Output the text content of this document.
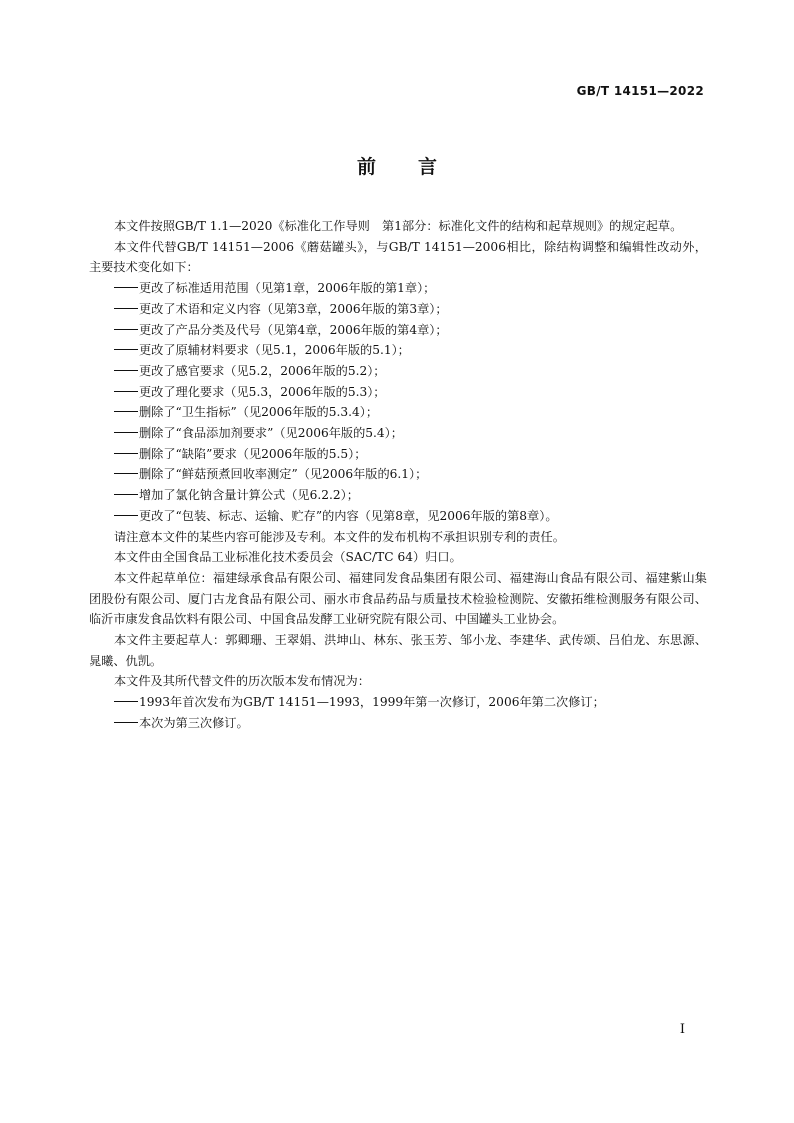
GB/T 14151—2022
前言

本文件按照GB/T 1.1—2020《标准化工作导则　第1部分：标准化文件的结构和起草规则》的规定起草。

本文件代替GB/T 14151—2006《蘑菇罐头》，与GB/T 14151—2006相比，除结构调整和编辑性改动外，主要技术变化如下：

更改了标准适用范围（见第1章，2006年版的第1章）；

更改了术语和定义内容（见第3章，2006年版的第3章）；

更改了产品分类及代号（见第4章，2006年版的第4章）；

更改了原辅材料要求（见5.1，2006年版的5.1）；

更改了感官要求（见5.2，2006年版的5.2）；

更改了理化要求（见5.3，2006年版的5.3）；

删除了“卫生指标”（见2006年版的5.3.4）；

删除了“食品添加剂要求”（见2006年版的5.4）；

删除了“缺陷”要求（见2006年版的5.5）；

删除了“鲜菇预煮回收率测定”（见2006年版的6.1）；

增加了氯化钠含量计算公式（见6.2.2）；

更改了“包装、标志、运输、贮存”的内容（见第8章，见2006年版的第8章）。

请注意本文件的某些内容可能涉及专利。本文件的发布机构不承担识别专利的责任。

本文件由全国食品工业标准化技术委员会（SAC/TC 64）归口。

本文件起草单位：福建绿承食品有限公司、福建同发食品集团有限公司、福建海山食品有限公司、福建紫山集团股份有限公司、厦门古龙食品有限公司、丽水市食品药品与质量技术检验检测院、安徽拓维检测服务有限公司、临沂市康发食品饮料有限公司、中国食品发酵工业研究院有限公司、中国罐头工业协会。

本文件主要起草人：郭卿珊、王翠娟、洪坤山、林东、张玉芳、邹小龙、李建华、武传颂、吕伯龙、东思源、晁曦、仇凯。

本文件及其所代替文件的历次版本发布情况为：

1993年首次发布为GB/T 14151—1993，1999年第一次修订，2006年第二次修订；

本次为第三次修订。

I
